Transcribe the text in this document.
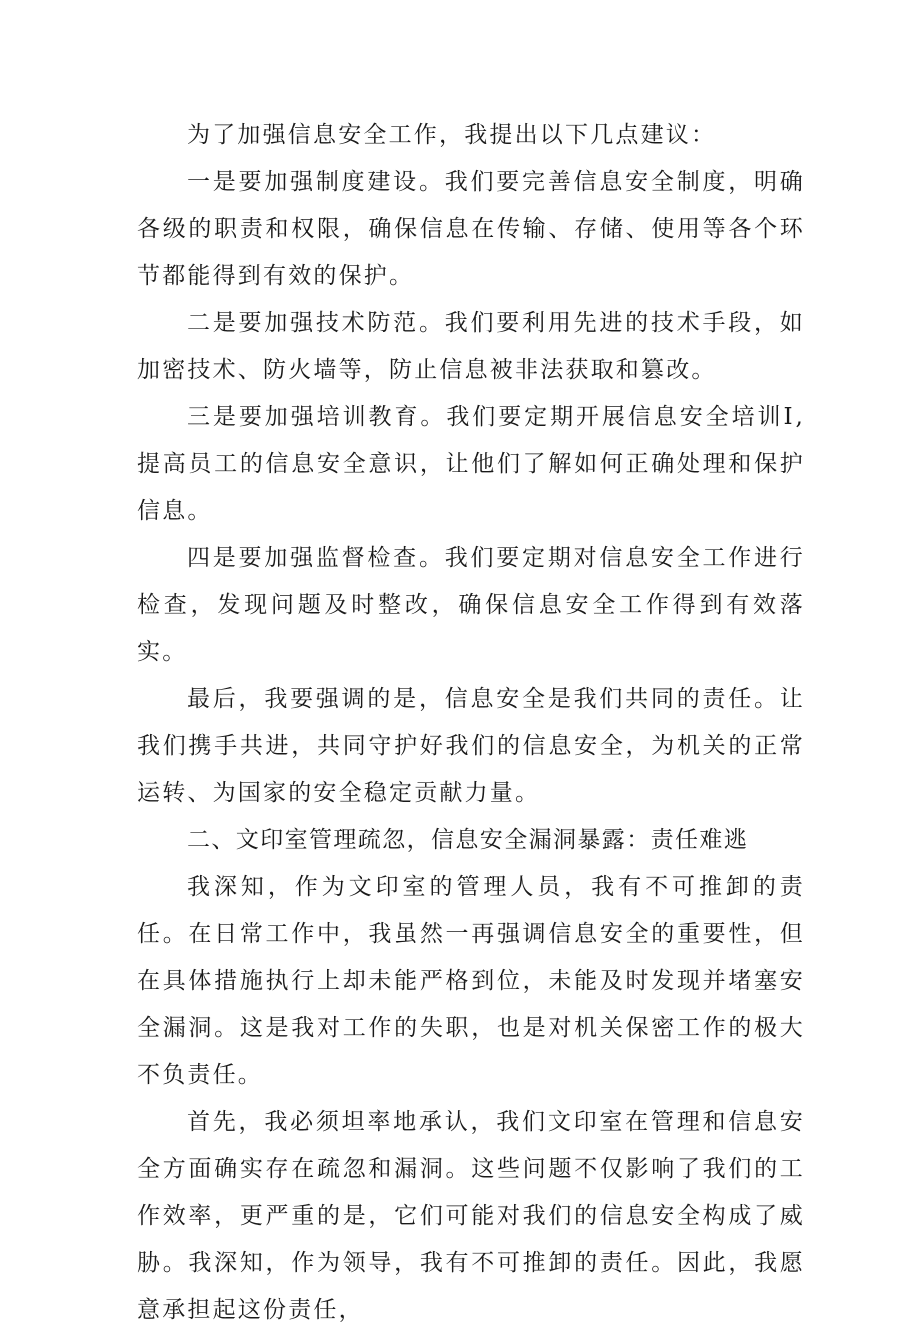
为了加强信息安全工作，我提出以下几点建议：

一是要加强制度建设。我们要完善信息安全制度，明确各级的职责和权限，确保信息在传输、存储、使用等各个环节都能得到有效的保护。

二是要加强技术防范。我们要利用先进的技术手段，如加密技术、防火墙等，防止信息被非法获取和篡改。

三是要加强培训教育。我们要定期开展信息安全培训Ⅰ,提高员工的信息安全意识，让他们了解如何正确处理和保护信息。

四是要加强监督检查。我们要定期对信息安全工作进行检查，发现问题及时整改，确保信息安全工作得到有效落实。

最后，我要强调的是，信息安全是我们共同的责任。让我们携手共进，共同守护好我们的信息安全，为机关的正常运转、为国家的安全稳定贡献力量。

二、文印室管理疏忽，信息安全漏洞暴露：责任难逃

我深知，作为文印室的管理人员，我有不可推卸的责任。在日常工作中，我虽然一再强调信息安全的重要性，但在具体措施执行上却未能严格到位，未能及时发现并堵塞安全漏洞。这是我对工作的失职，也是对机关保密工作的极大不负责任。

首先，我必须坦率地承认，我们文印室在管理和信息安全方面确实存在疏忽和漏洞。这些问题不仅影响了我们的工作效率，更严重的是，它们可能对我们的信息安全构成了威胁。我深知，作为领导，我有不可推卸的责任。因此，我愿意承担起这份责任，
